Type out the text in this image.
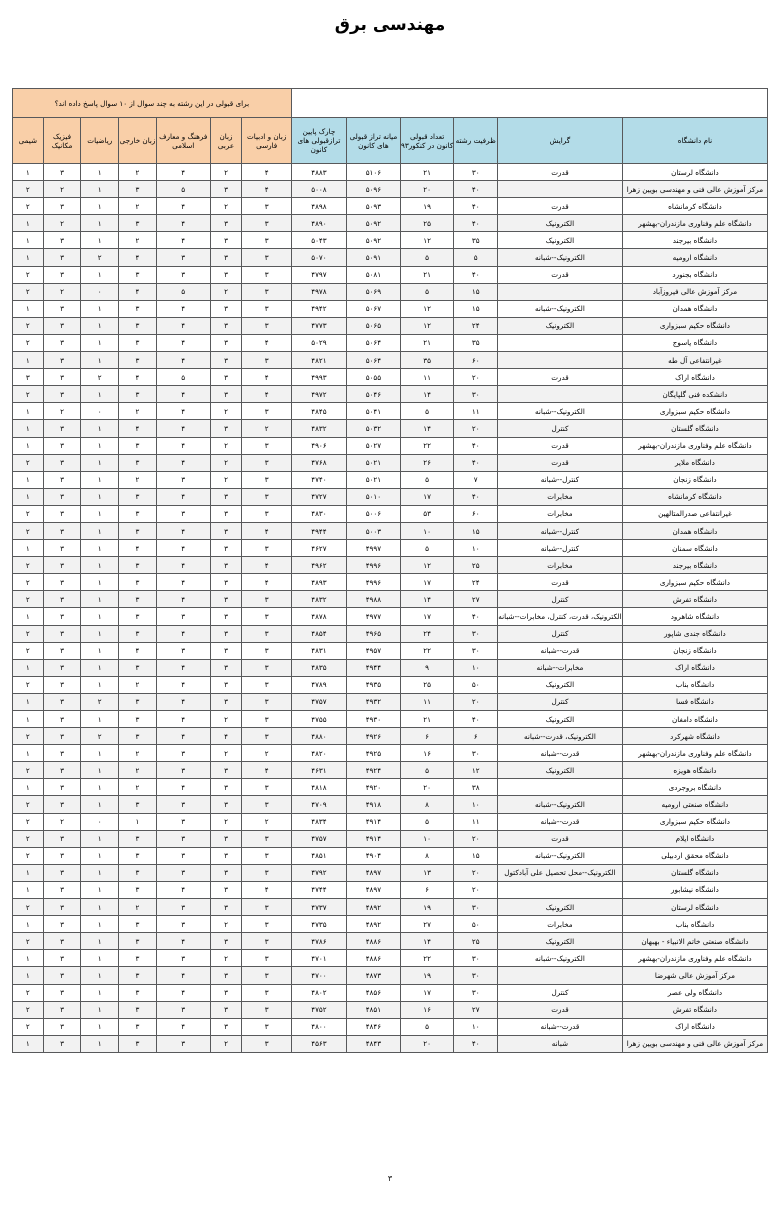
مهندسی برق
						برای قبولی در این رشته به چند سوال از ۱۰ سوال پاسخ داده اند؟						
نام دانشگاه	گرایش	ظرفیت رشته	تعداد قبولی کانون در کنکور۹۳	میانه تراز قبولی های کانون	چارک پایین ترازقبولی های کانون	زبان و ادبیات فارسی	زبان عربی	فرهنگ و معارف اسلامی	زبان خارجی	ریاضیات	فیزیک مکانیک	شیمی
دانشگاه لرستان	قدرت	۳۰	۲۱	۵۱۰۶	۴۸۸۳	۴	۲	۴	۲	۱	۳	۱
مرکز آموزش عالی فنی و مهندسی بویین زهرا		۴۰	۲۰	۵۰۹۶	۵۰۰۸	۴	۳	۵	۳	۱	۲	۲
دانشگاه کرمانشاه	قدرت	۴۰	۱۹	۵۰۹۳	۴۸۹۸	۳	۲	۴	۲	۱	۳	۲
دانشگاه علم وفناوری مازندران-بهشهر	الکترونیک	۴۰	۲۵	۵۰۹۲	۴۸۹۰	۳	۳	۴	۳	۱	۲	۱
دانشگاه بیرجند	الکترونیک	۳۵	۱۲	۵۰۹۲	۵۰۴۳	۳	۳	۴	۲	۱	۳	۱
دانشگاه ارومیه	الکترونیک--شبانه	۵	۵	۵۰۹۱	۵۰۷۰	۳	۳	۳	۴	۲	۳	۱
دانشگاه بجنورد	قدرت	۴۰	۲۱	۵۰۸۱	۴۷۹۷	۳	۳	۳	۳	۱	۳	۲
مرکز آموزش عالی فیروزآباد		۱۵	۵	۵۰۶۹	۴۹۷۸	۳	۲	۵	۴	۰	۲	۲
دانشگاه همدان	الکترونیک--شبانه	۱۵	۱۲	۵۰۶۷	۴۹۴۲	۳	۳	۴	۳	۱	۳	۱
دانشگاه حکیم سبزواری	الکترونیک	۲۴	۱۲	۵۰۶۵	۴۷۷۳	۳	۳	۴	۳	۱	۳	۲
دانشگاه یاسوج		۳۵	۲۱	۵۰۶۴	۵۰۲۹	۴	۳	۴	۳	۱	۳	۲
غیرانتفاعی آل طه		۶۰	۳۵	۵۰۶۴	۴۸۲۱	۳	۳	۴	۳	۱	۳	۱
دانشگاه اراک	قدرت	۲۰	۱۱	۵۰۵۵	۴۹۹۳	۴	۳	۵	۴	۲	۳	۳
دانشکده فنی گلپایگان		۳۰	۱۴	۵۰۴۶	۴۹۷۲	۴	۳	۴	۳	۱	۳	۲
دانشگاه حکیم سبزواری	الکترونیک--شبانه	۱۱	۵	۵۰۴۱	۴۸۴۵	۳	۲	۴	۲	۰	۲	۱
دانشگاه گلستان	کنترل	۲۰	۱۴	۵۰۳۲	۴۸۳۲	۲	۳	۴	۴	۱	۳	۱
دانشگاه علم وفناوری مازندران-بهشهر	قدرت	۴۰	۲۲	۵۰۲۷	۴۹۰۶	۳	۲	۴	۳	۱	۳	۱
دانشگاه ملایر	قدرت	۴۰	۲۶	۵۰۲۱	۴۷۶۸	۳	۲	۴	۳	۱	۳	۲
دانشگاه زنجان	کنترل--شبانه	۷	۵	۵۰۲۱	۴۷۴۰	۳	۲	۳	۲	۱	۳	۱
دانشگاه کرمانشاه	مخابرات	۴۰	۱۷	۵۰۱۰	۴۷۲۷	۳	۳	۴	۳	۱	۳	۱
غیرانتفاعی صدرالمتالهین	مخابرات	۶۰	۵۳	۵۰۰۶	۴۸۳۰	۳	۳	۳	۳	۱	۳	۲
دانشگاه همدان	کنترل--شبانه	۱۵	۱۰	۵۰۰۳	۴۹۴۴	۴	۳	۴	۳	۱	۳	۲
دانشگاه سمنان	کنترل--شبانه	۱۰	۵	۴۹۹۷	۴۶۲۷	۳	۳	۴	۴	۱	۳	۱
دانشگاه بیرجند	مخابرات	۲۵	۱۲	۴۹۹۶	۴۹۶۲	۴	۳	۴	۳	۱	۳	۲
دانشگاه حکیم سبزواری	قدرت	۲۴	۱۷	۴۹۹۶	۴۸۹۳	۴	۳	۴	۳	۱	۳	۲
دانشگاه تفرش	کنترل	۲۷	۱۴	۴۹۸۸	۴۸۳۲	۳	۳	۴	۳	۱	۳	۲
دانشگاه شاهرود	الکترونیک، قدرت، کنترل، مخابرات--شبانه	۴۰	۱۷	۴۹۷۷	۴۸۷۸	۳	۳	۳	۳	۱	۳	۱
دانشگاه جندی شاپور	کنترل	۳۰	۲۴	۴۹۶۵	۴۸۵۴	۳	۳	۴	۳	۱	۳	۲
دانشگاه زنجان	قدرت--شبانه	۳۰	۲۲	۴۹۵۷	۴۸۳۱	۳	۳	۳	۴	۱	۳	۲
دانشگاه اراک	مخابرات--شبانه	۱۰	۹	۴۹۴۴	۴۸۳۵	۳	۳	۴	۳	۱	۳	۱
دانشگاه بناب	الکترونیک	۵۰	۲۵	۴۹۳۵	۴۷۸۹	۳	۳	۴	۲	۱	۳	۲
دانشگاه فسا	کنترل	۲۰	۱۱	۴۹۳۲	۴۷۵۷	۳	۳	۴	۳	۲	۳	۱
دانشگاه دامغان	الکترونیک	۴۰	۲۱	۴۹۳۰	۴۷۵۵	۳	۲	۴	۳	۱	۳	۱
دانشگاه شهرکرد	الکترونیک، قدرت--شبانه	۶	۶	۴۹۲۶	۴۸۸۰	۳	۴	۴	۳	۲	۳	۲
دانشگاه علم وفناوری مازندران-بهشهر	قدرت--شبانه	۳۰	۱۶	۴۹۲۵	۴۸۲۰	۲	۲	۳	۲	۱	۳	۱
دانشگاه هویزه	الکترونیک	۱۲	۵	۴۹۲۴	۴۶۳۱	۴	۳	۳	۲	۱	۳	۲
دانشگاه بروجردی		۳۸	۲۰	۴۹۲۰	۴۸۱۸	۳	۳	۴	۲	۱	۳	۱
دانشگاه صنعتی ارومیه	الکترونیک--شبانه	۱۰	۸	۴۹۱۸	۴۷۰۹	۳	۳	۳	۳	۱	۳	۲
دانشگاه حکیم سبزواری	قدرت--شبانه	۱۱	۵	۴۹۱۴	۴۸۳۴	۲	۲	۳	۱	۰	۲	۲
دانشگاه ایلام	قدرت	۲۰	۱۰	۴۹۱۴	۴۷۵۷	۳	۳	۳	۳	۱	۳	۲
دانشگاه محقق اردبیلی	الکترونیک--شبانه	۱۵	۸	۴۹۰۴	۴۸۵۱	۳	۳	۳	۳	۱	۳	۲
دانشگاه گلستان	الکترونیک--محل تحصیل علی آبادکتول	۲۰	۱۳	۴۸۹۷	۴۷۹۲	۳	۳	۳	۳	۱	۳	۱
دانشگاه نیشابور		۲۰	۶	۴۸۹۷	۴۷۴۴	۴	۳	۴	۳	۱	۳	۱
دانشگاه لرستان	الکترونیک	۳۰	۱۹	۴۸۹۲	۴۷۳۷	۳	۳	۳	۲	۱	۳	۲
دانشگاه بناب	مخابرات	۵۰	۲۷	۴۸۹۲	۴۷۳۵	۳	۲	۳	۳	۱	۳	۱
دانشگاه صنعتی خاتم الانبیاء - بهبهان	الکترونیک	۲۵	۱۴	۴۸۸۶	۴۷۸۶	۳	۳	۴	۳	۱	۳	۲
دانشگاه علم وفناوری مازندران-بهشهر	الکترونیک--شبانه	۳۰	۲۲	۴۸۸۶	۴۷۰۱	۳	۲	۳	۳	۱	۳	۱
مرکز آموزش عالی شهرضا		۳۰	۱۹	۴۸۷۳	۴۷۰۰	۳	۳	۴	۳	۱	۳	۱
دانشگاه ولی عصر	کنترل	۳۰	۱۷	۴۸۵۶	۴۸۰۲	۳	۳	۴	۳	۱	۳	۲
دانشگاه تفرش	قدرت	۲۷	۱۶	۴۸۵۱	۴۷۵۲	۳	۳	۳	۳	۱	۳	۲
دانشگاه اراک	قدرت--شبانه	۱۰	۵	۴۸۴۶	۴۸۰۰	۳	۳	۴	۳	۱	۳	۲
مرکز آموزش عالی فنی و مهندسی بویین زهرا	شبانه	۴۰	۲۰	۴۸۴۳	۴۵۶۳	۳	۲	۳	۳	۱	۳	۱
۳
